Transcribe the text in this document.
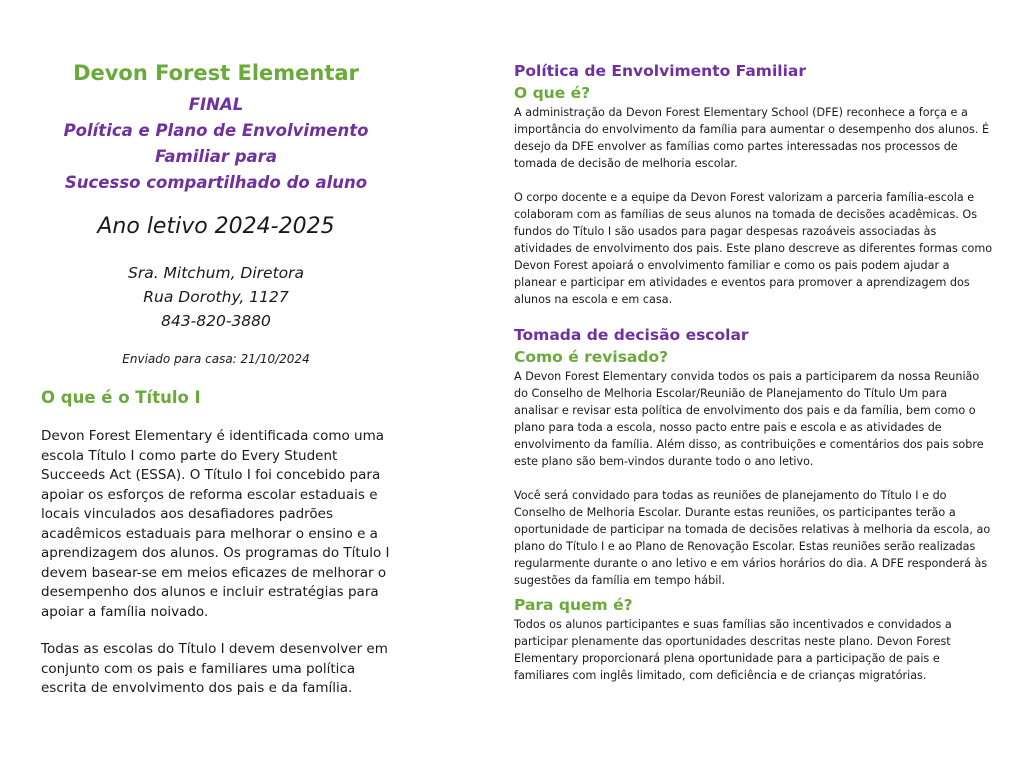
Devon Forest Elementar

FINAL
Política e Plano de Envolvimento
Familiar para
Sucesso compartilhado do aluno

Ano letivo 2024-2025

Sra. Mitchum, Diretora
Rua Dorothy, 1127
843-820-3880

Enviado para casa: 21/10/2024

O que é o Título I

Devon Forest Elementary é identificada como uma escola Título I como parte do Every Student Succeeds Act (ESSA). O Título I foi concebido para apoiar os esforços de reforma escolar estaduais e locais vinculados aos desafiadores padrões acadêmicos estaduais para melhorar o ensino e a aprendizagem dos alunos. Os programas do Título I devem basear-se em meios eficazes de melhorar o desempenho dos alunos e incluir estratégias para apoiar a família noivado.

Todas as escolas do Título I devem desenvolver em conjunto com os pais e familiares uma política escrita de envolvimento dos pais e da família.

Política de Envolvimento Familiar

O que é?

A administração da Devon Forest Elementary School (DFE) reconhece a força e a importância do envolvimento da família para aumentar o desempenho dos alunos. É desejo da DFE envolver as famílias como partes interessadas nos processos de tomada de decisão de melhoria escolar.

O corpo docente e a equipe da Devon Forest valorizam a parceria família-escola e colaboram com as famílias de seus alunos na tomada de decisões acadêmicas. Os fundos do Título I são usados para pagar despesas razoáveis associadas às atividades de envolvimento dos pais. Este plano descreve as diferentes formas como Devon Forest apoiará o envolvimento familiar e como os pais podem ajudar a planear e participar em atividades e eventos para promover a aprendizagem dos alunos na escola e em casa.

Tomada de decisão escolar

Como é revisado?

A Devon Forest Elementary convida todos os pais a participarem da nossa Reunião do Conselho de Melhoria Escolar/Reunião de Planejamento do Título Um para analisar e revisar esta política de envolvimento dos pais e da família, bem como o plano para toda a escola, nosso pacto entre pais e escola e as atividades de envolvimento da família. Além disso, as contribuições e comentários dos pais sobre este plano são bem-vindos durante todo o ano letivo.

Você será convidado para todas as reuniões de planejamento do Título I e do Conselho de Melhoria Escolar. Durante estas reuniões, os participantes terão a oportunidade de participar na tomada de decisões relativas à melhoria da escola, ao plano do Título I e ao Plano de Renovação Escolar. Estas reuniões serão realizadas regularmente durante o ano letivo e em vários horários do dia. A DFE responderá às sugestões da família em tempo hábil.

Para quem é?

Todos os alunos participantes e suas famílias são incentivados e convidados a participar plenamente das oportunidades descritas neste plano. Devon Forest Elementary proporcionará plena oportunidade para a participação de pais e familiares com inglês limitado, com deficiência e de crianças migratórias.
